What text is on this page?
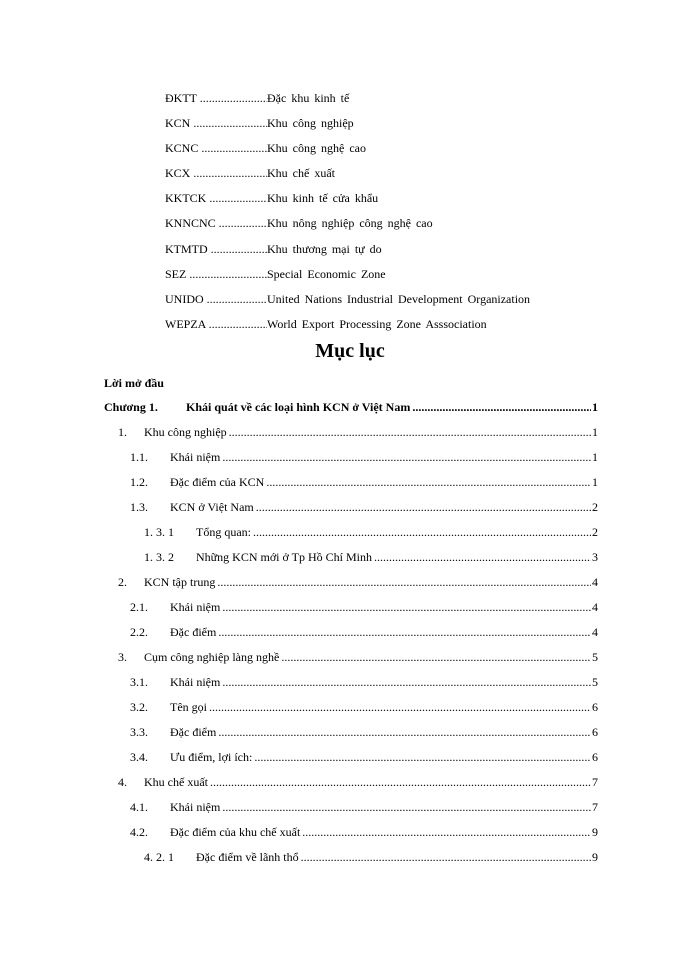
ĐKTT .....	Đặc khu kinh tế
KCN .....	Khu công nghiệp
KCNC .....	Khu công nghệ cao
KCX .....	Khu chế xuất
KKTCK .....	Khu kinh tế cửa khẩu
KNNCNC .....	Khu nông nghiệp công nghệ cao
KTMTD .....	Khu thương mại tự do
SEZ .....	Special Economic Zone
UNIDO .....	United Nations Industrial Development Organization
WEPZA .....	World Export Processing Zone Asssociation
Mục lục
Lời mở đầu
Chương 1.	Khái quát về các loại hình KCN ở Việt Nam .....	1
1.	Khu công nghiệp .....	1
1.1.	Khái niệm .....	1
1.2.	Đặc điểm của KCN .....	1
1.3.	KCN ở Việt Nam .....	2
1. 3. 1	Tổng quan: .....	2
1. 3. 2	Những KCN mới ở Tp Hồ Chí Minh .....	3
2.	KCN tập trung .....	4
2.1.	Khái niệm .....	4
2.2.	Đặc điểm .....	4
3.	Cụm công nghiệp làng nghề .....	5
3.1.	Khái niệm .....	5
3.2.	Tên gọi .....	6
3.3.	Đặc điểm .....	6
3.4.	Ưu điểm, lợi ích: .....	6
4.	Khu chế xuất .....	7
4.1.	Khái niệm .....	7
4.2.	Đặc điểm của khu chế xuất .....	9
4. 2. 1	Đặc điểm về lãnh thổ .....	9
